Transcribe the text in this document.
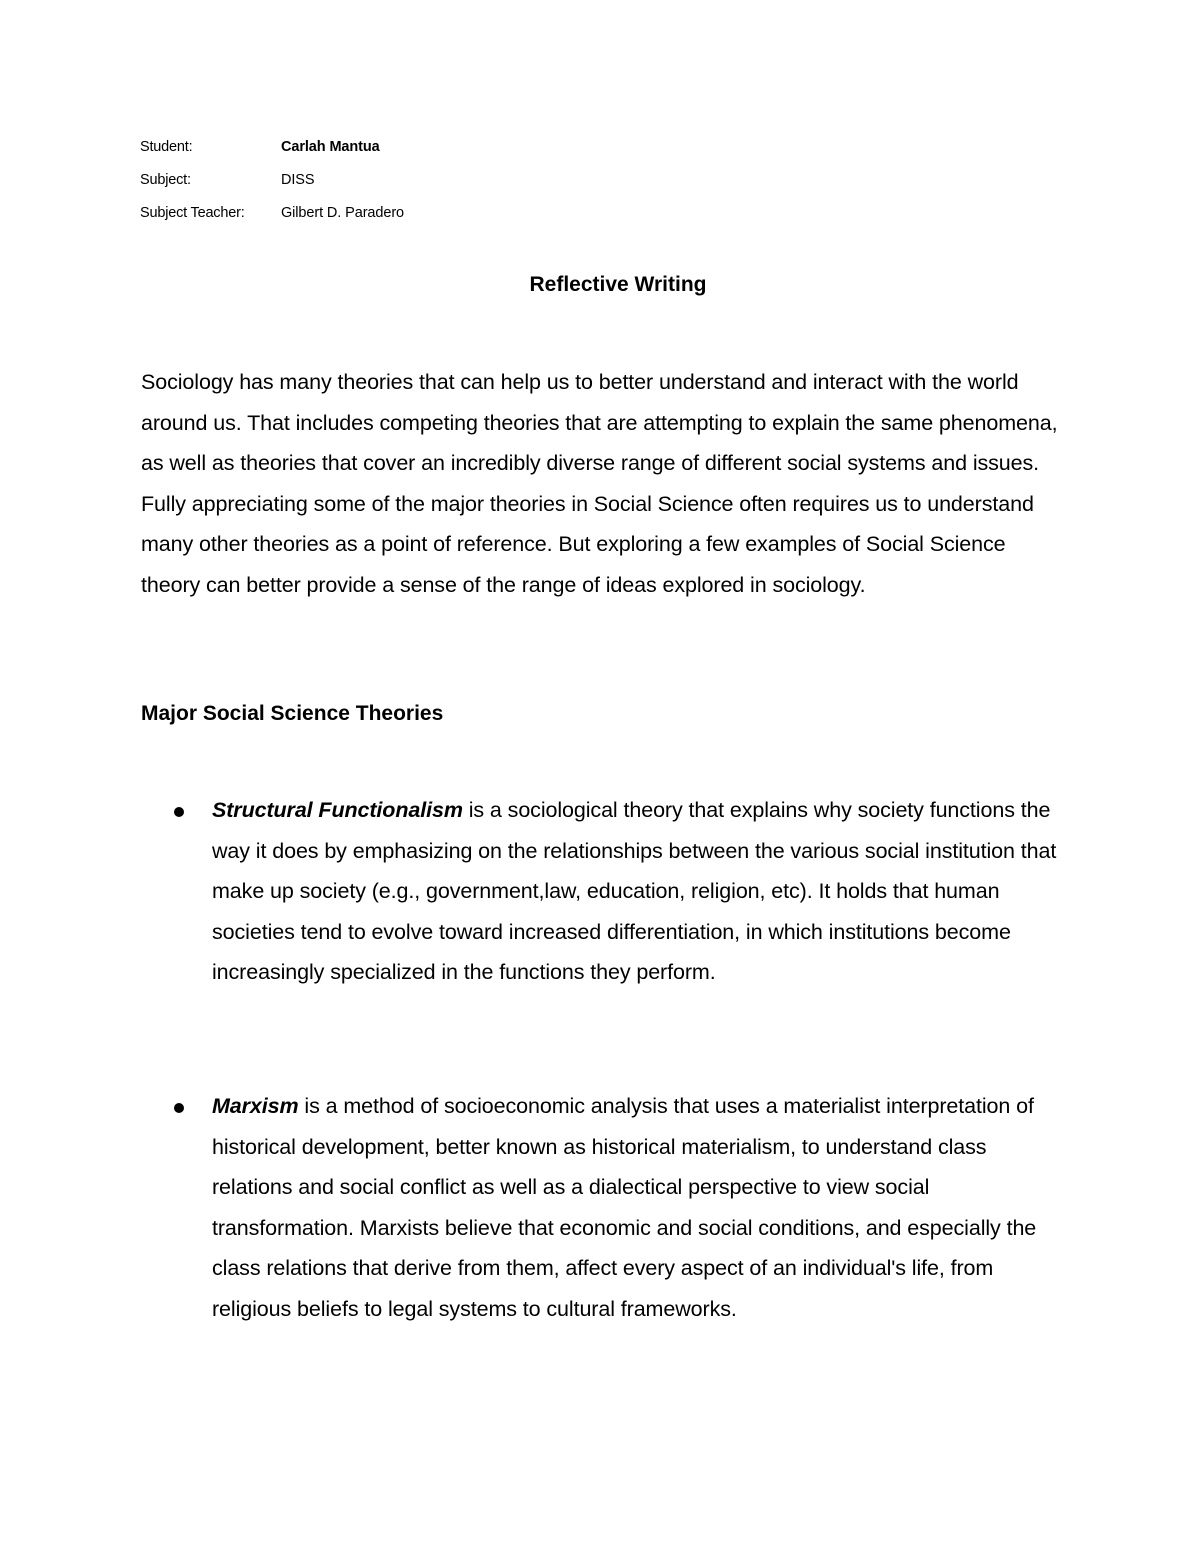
Student:	Carlah Mantua
Subject:	DISS
Subject Teacher:	Gilbert D. Paradero
Reflective Writing

Sociology has many theories that can help us to better understand and interact with the world around us. That includes competing theories that are attempting to explain the same phenomena, as well as theories that cover an incredibly diverse range of different social systems and issues. Fully appreciating some of the major theories in Social Science often requires us to understand many other theories as a point of reference. But exploring a few examples of Social Science theory can better provide a sense of the range of ideas explored in sociology.

Major Social Science Theories
Structural Functionalism is a sociological theory that explains why society functions the way it does by emphasizing on the relationships between the various social institution that make up society (e.g., government,law, education, religion, etc). It holds that human societies tend to evolve toward increased differentiation, in which institutions become increasingly specialized in the functions they perform.
Marxism is a method of socioeconomic analysis that uses a materialist interpretation of historical development, better known as historical materialism, to understand class relations and social conflict as well as a dialectical perspective to view social transformation. Marxists believe that economic and social conditions, and especially the class relations that derive from them, affect every aspect of an individual's life, from religious beliefs to legal systems to cultural frameworks.
